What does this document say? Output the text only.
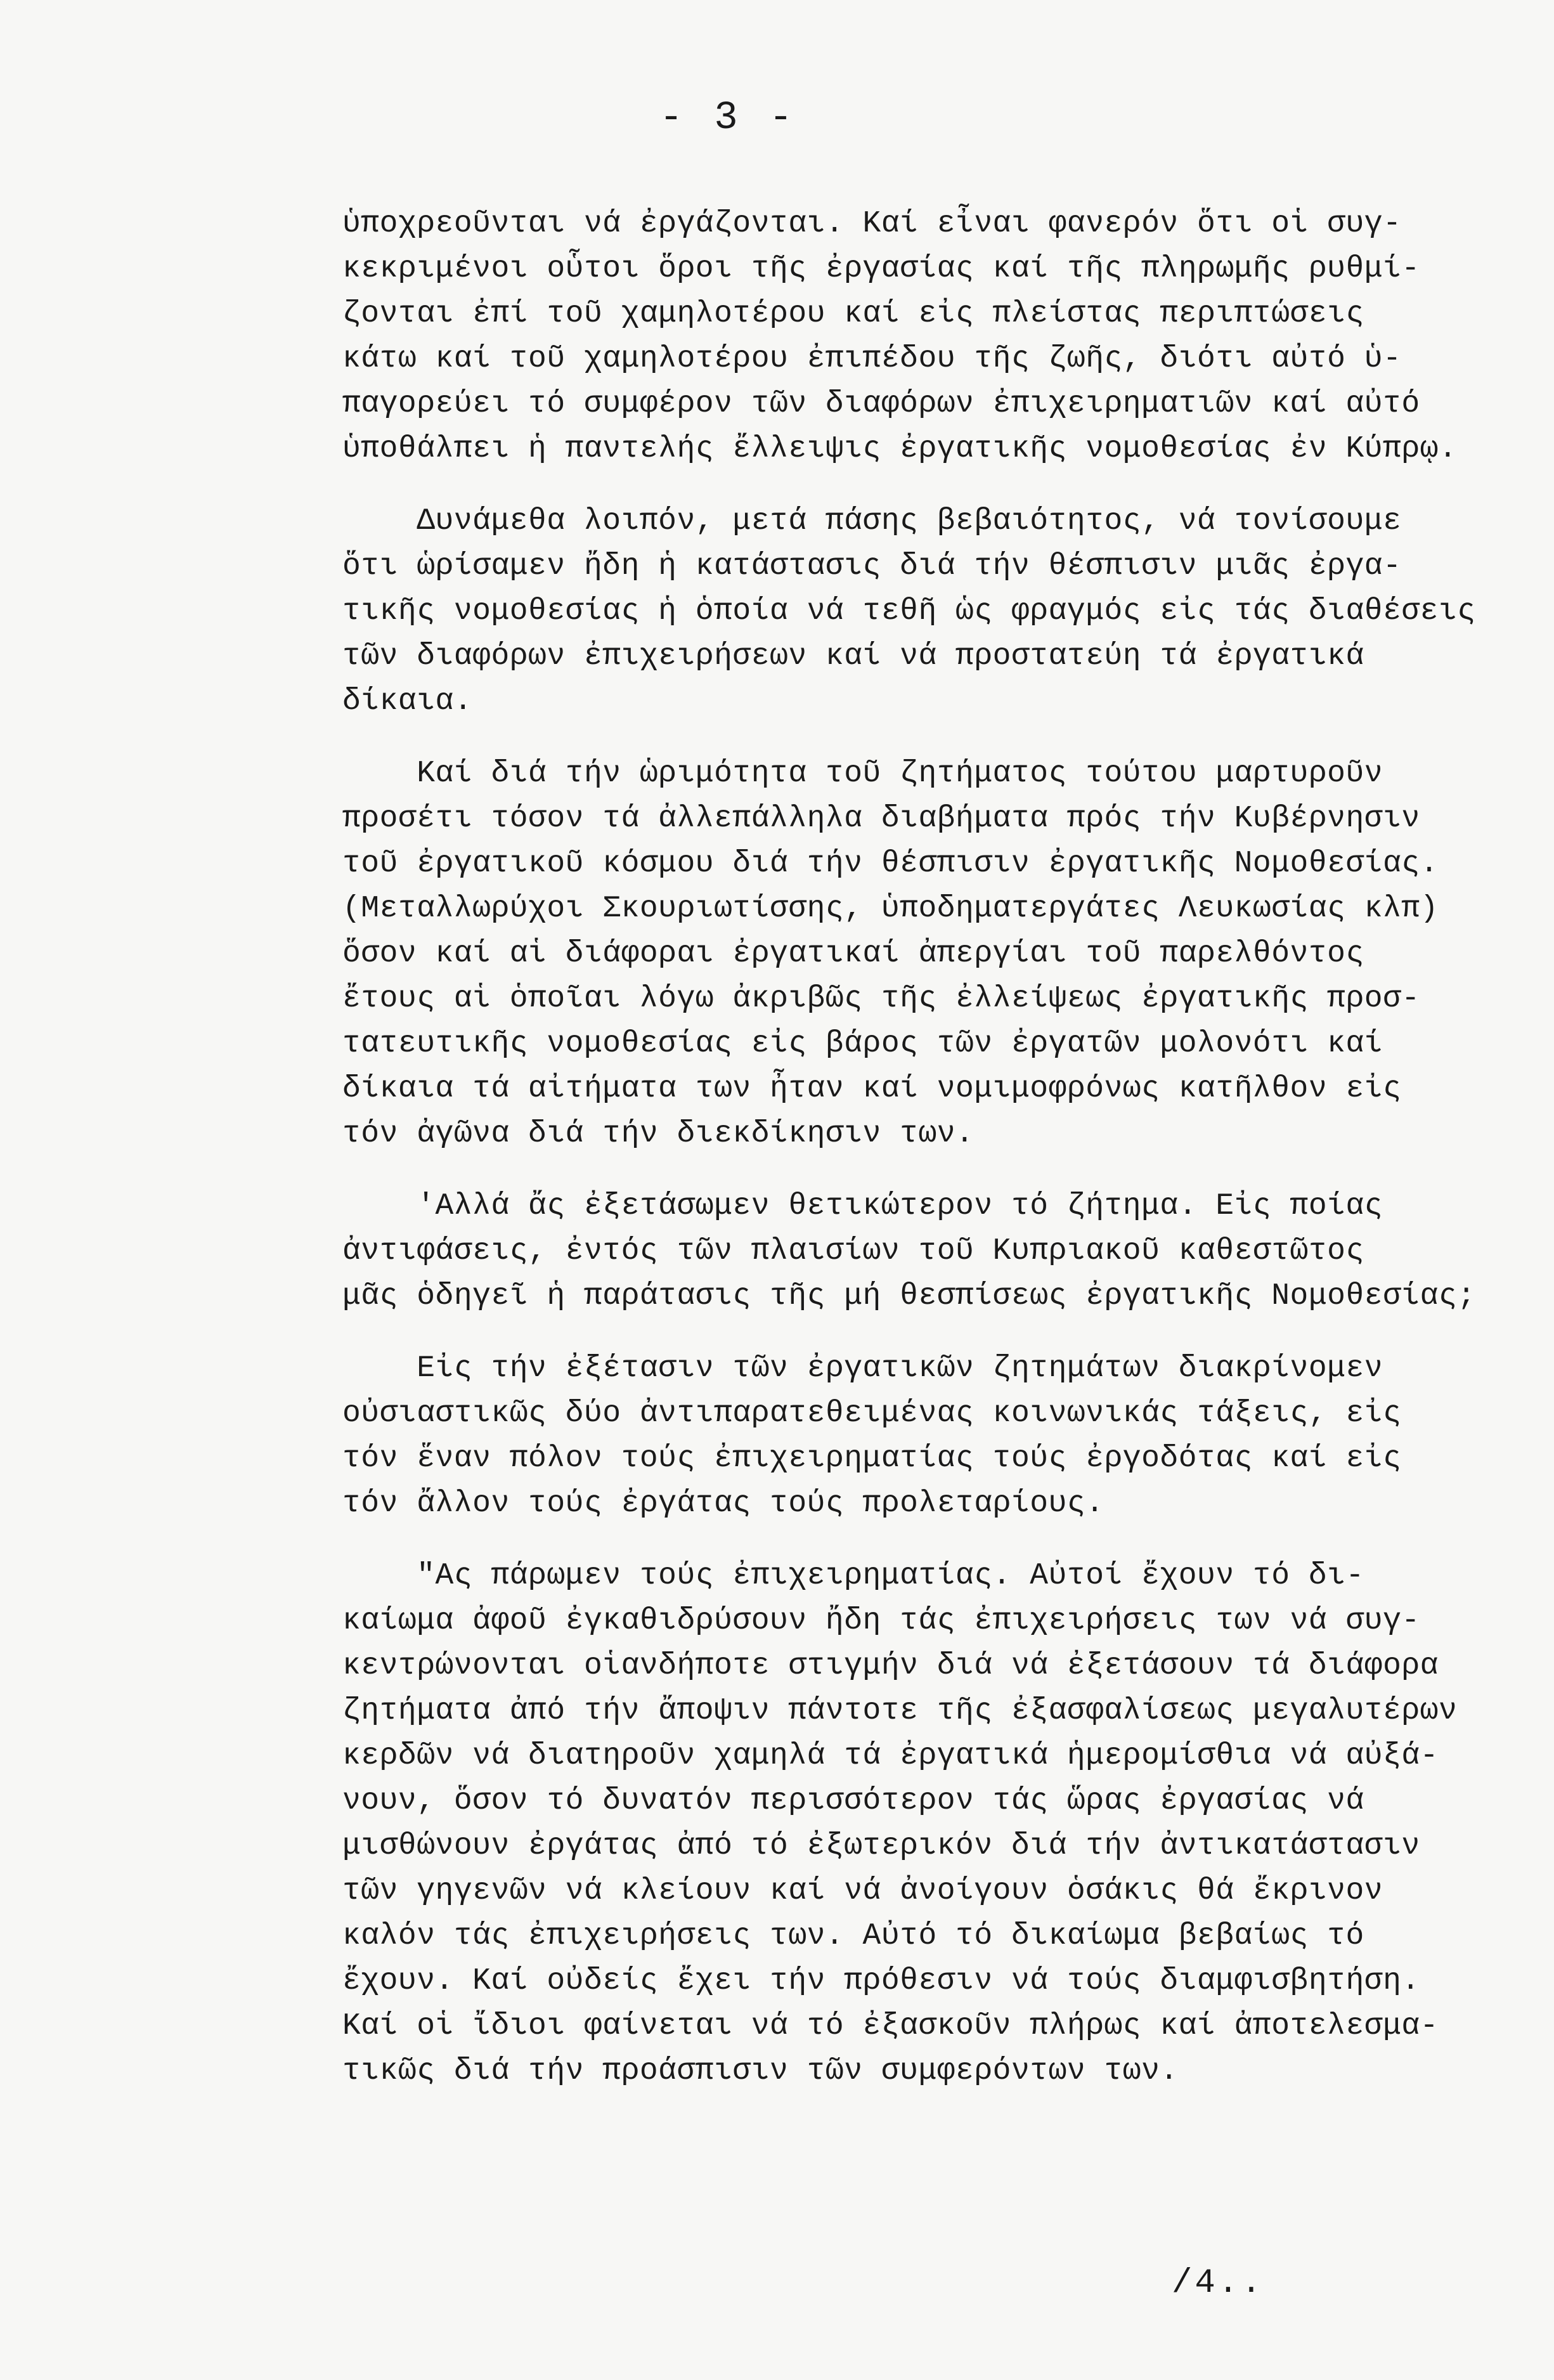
- 3 -
ὑποχρεοῦνται νά ἐργάζονται. Καί εἶναι φανερόν ὅτι οἱ συγ-
κεκριμένοι οὗτοι ὅροι τῆς ἐργασίας καί τῆς πληρωμῆς ρυθμί-
ζονται ἐπί τοῦ χαμηλοτέρου καί εἰς πλείστας περιπτώσεις
κάτω καί τοῦ χαμηλοτέρου ἐπιπέδου τῆς ζωῆς, διότι αὐτό ὑ-
παγορεύει τό συμφέρον τῶν διαφόρων ἐπιχειρηματιῶν καί αὐτό
ὑποθάλπει ἡ παντελής ἔλλειψις ἐργατικῆς νομοθεσίας ἐν Κύπρῳ.
Δυνάμεθα λοιπόν, μετά πάσης βεβαιότητος, νά τονίσουμε
ὅτι ὡρίσαμεν ἤδη ἡ κατάστασις διά τήν θέσπισιν μιᾶς ἐργα-
τικῆς νομοθεσίας ἡ ὁποία νά τεθῆ ὡς φραγμός εἰς τάς διαθέσεις
τῶν διαφόρων ἐπιχειρήσεων καί νά προστατεύη τά ἐργατικά
δίκαια.
Καί διά τήν ὡριμότητα τοῦ ζητήματος τούτου μαρτυροῦν
προσέτι τόσον τά ἀλλεπάλληλα διαβήματα πρός τήν Κυβέρνησιν
τοῦ ἐργατικοῦ κόσμου διά τήν θέσπισιν ἐργατικῆς Νομοθεσίας.
(Μεταλλωρύχοι Σκουριωτίσσης, ὑποδηματεργάτες Λευκωσίας κλπ)
ὅσον καί αἱ διάφοραι ἐργατικαί ἀπεργίαι τοῦ παρελθόντος
ἔτους αἱ ὁποῖαι λόγω ἀκριβῶς τῆς ἐλλείψεως ἐργατικῆς προσ-
τατευτικῆς νομοθεσίας εἰς βάρος τῶν ἐργατῶν μολονότι καί
δίκαια τά αἰτήματα των ἦταν καί νομιμοφρόνως κατῆλθον εἰς
τόν ἀγῶνα διά τήν διεκδίκησιν των.
'Αλλά ἄς ἐξετάσωμεν θετικώτερον τό ζήτημα. Εἰς ποίας
ἀντιφάσεις, ἐντός τῶν πλαισίων τοῦ Κυπριακοῦ καθεστῶτος
μᾶς ὁδηγεῖ ἡ παράτασις τῆς μή θεσπίσεως ἐργατικῆς Νομοθεσίας;
Εἰς τήν ἐξέτασιν τῶν ἐργατικῶν ζητημάτων διακρίνομεν
οὐσιαστικῶς δύο ἀντιπαρατεθειμένας κοινωνικάς τάξεις, εἰς
τόν ἕναν πόλον τούς ἐπιχειρηματίας τούς ἐργοδότας καί εἰς
τόν ἄλλον τούς ἐργάτας τούς προλεταρίους.
"Ας πάρωμεν τούς ἐπιχειρηματίας. Αὐτοί ἔχουν τό δι-
καίωμα ἀφοῦ ἐγκαθιδρύσουν ἤδη τάς ἐπιχειρήσεις των νά συγ-
κεντρώνονται οἱανδήποτε στιγμήν διά νά ἐξετάσουν τά διάφορα
ζητήματα ἀπό τήν ἄποψιν πάντοτε τῆς ἐξασφαλίσεως μεγαλυτέρων
κερδῶν νά διατηροῦν χαμηλά τά ἐργατικά ἡμερομίσθια νά αὐξά-
νουν, ὅσον τό δυνατόν περισσότερον τάς ὥρας ἐργασίας νά
μισθώνουν ἐργάτας ἀπό τό ἐξωτερικόν διά τήν ἀντικατάστασιν
τῶν γηγενῶν νά κλείουν καί νά ἀνοίγουν ὁσάκις θά ἔκρινον
καλόν τάς ἐπιχειρήσεις των. Αὐτό τό δικαίωμα βεβαίως τό
ἔχουν. Καί οὐδείς ἔχει τήν πρόθεσιν νά τούς διαμφισβητήση.
Καί οἱ ἴδιοι φαίνεται νά τό ἐξασκοῦν πλήρως καί ἀποτελεσμα-
τικῶς διά τήν προάσπισιν τῶν συμφερόντων των.
/4..
